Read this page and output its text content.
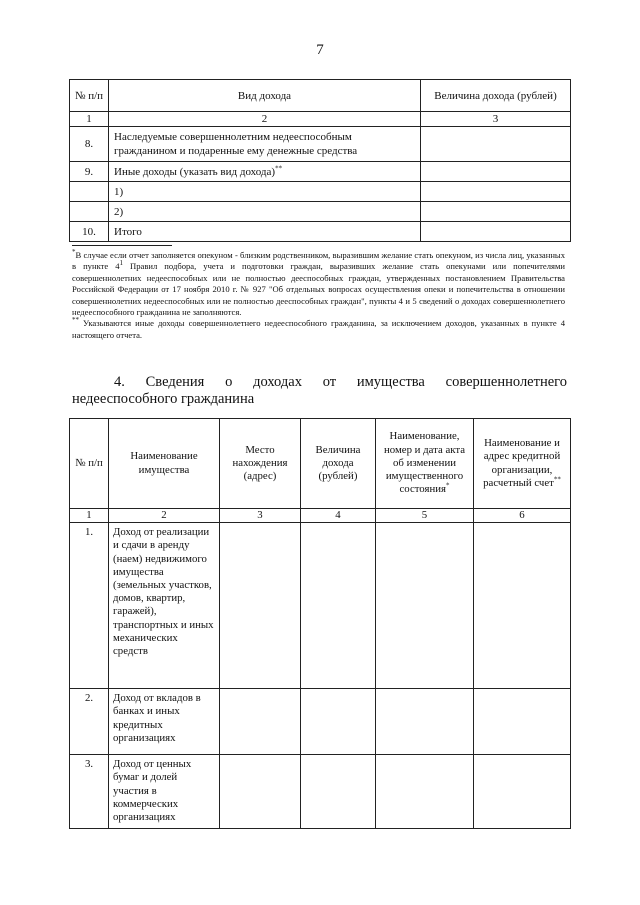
7
№ п/п	Вид дохода	Величина дохода (рублей)
1	2	3
8.	Наследуемые совершеннолетним недееспособным гражданином и подаренные ему денежные средства	
9.	Иные доходы (указать вид дохода)**	
	1)	
	2)	
10.	Итого	

*В случае если отчет заполняется опекуном - близким родственником, выразившим желание стать опекуном, из числа лиц, указанных в пункте $4^1$ Правил подбора, учета и подготовки граждан, выразивших желание стать опекунами или попечителями совершеннолетних недееспособных или не полностью дееспособных граждан, утвержденных постановлением Правительства Российской Федерации от 17 ноября 2010 г. № 927 "Об отдельных вопросах осуществления опеки и попечительства в отношении совершеннолетних недееспособных или не полностью дееспособных граждан", пункты 4 и 5 сведений о доходах совершеннолетнего недееспособного гражданина не заполняются.

** Указываются иные доходы совершеннолетнего недееспособного гражданина, за исключением доходов, указанных в пункте 4 настоящего отчета.

4. Сведения о доходах от имущества совершеннолетнего
недееспособного гражданина
№ п/п	Наименование имущества	Место нахождения (адрес)	Величина дохода (рублей)	Наименование, номер и дата акта об изменении имущественного состояния*	Наименование и адрес кредитной организации, расчетный счет**
1	2	3	4	5	6
1.	Доход от реализации и сдачи в аренду (наем) недвижимого имущества (земельных участков, домов, квартир, гаражей), транспортных и иных механических средств				
2.	Доход от вкладов в банках и иных кредитных организациях				
3.	Доход от ценных бумаг и долей участия в коммерческих организациях				
